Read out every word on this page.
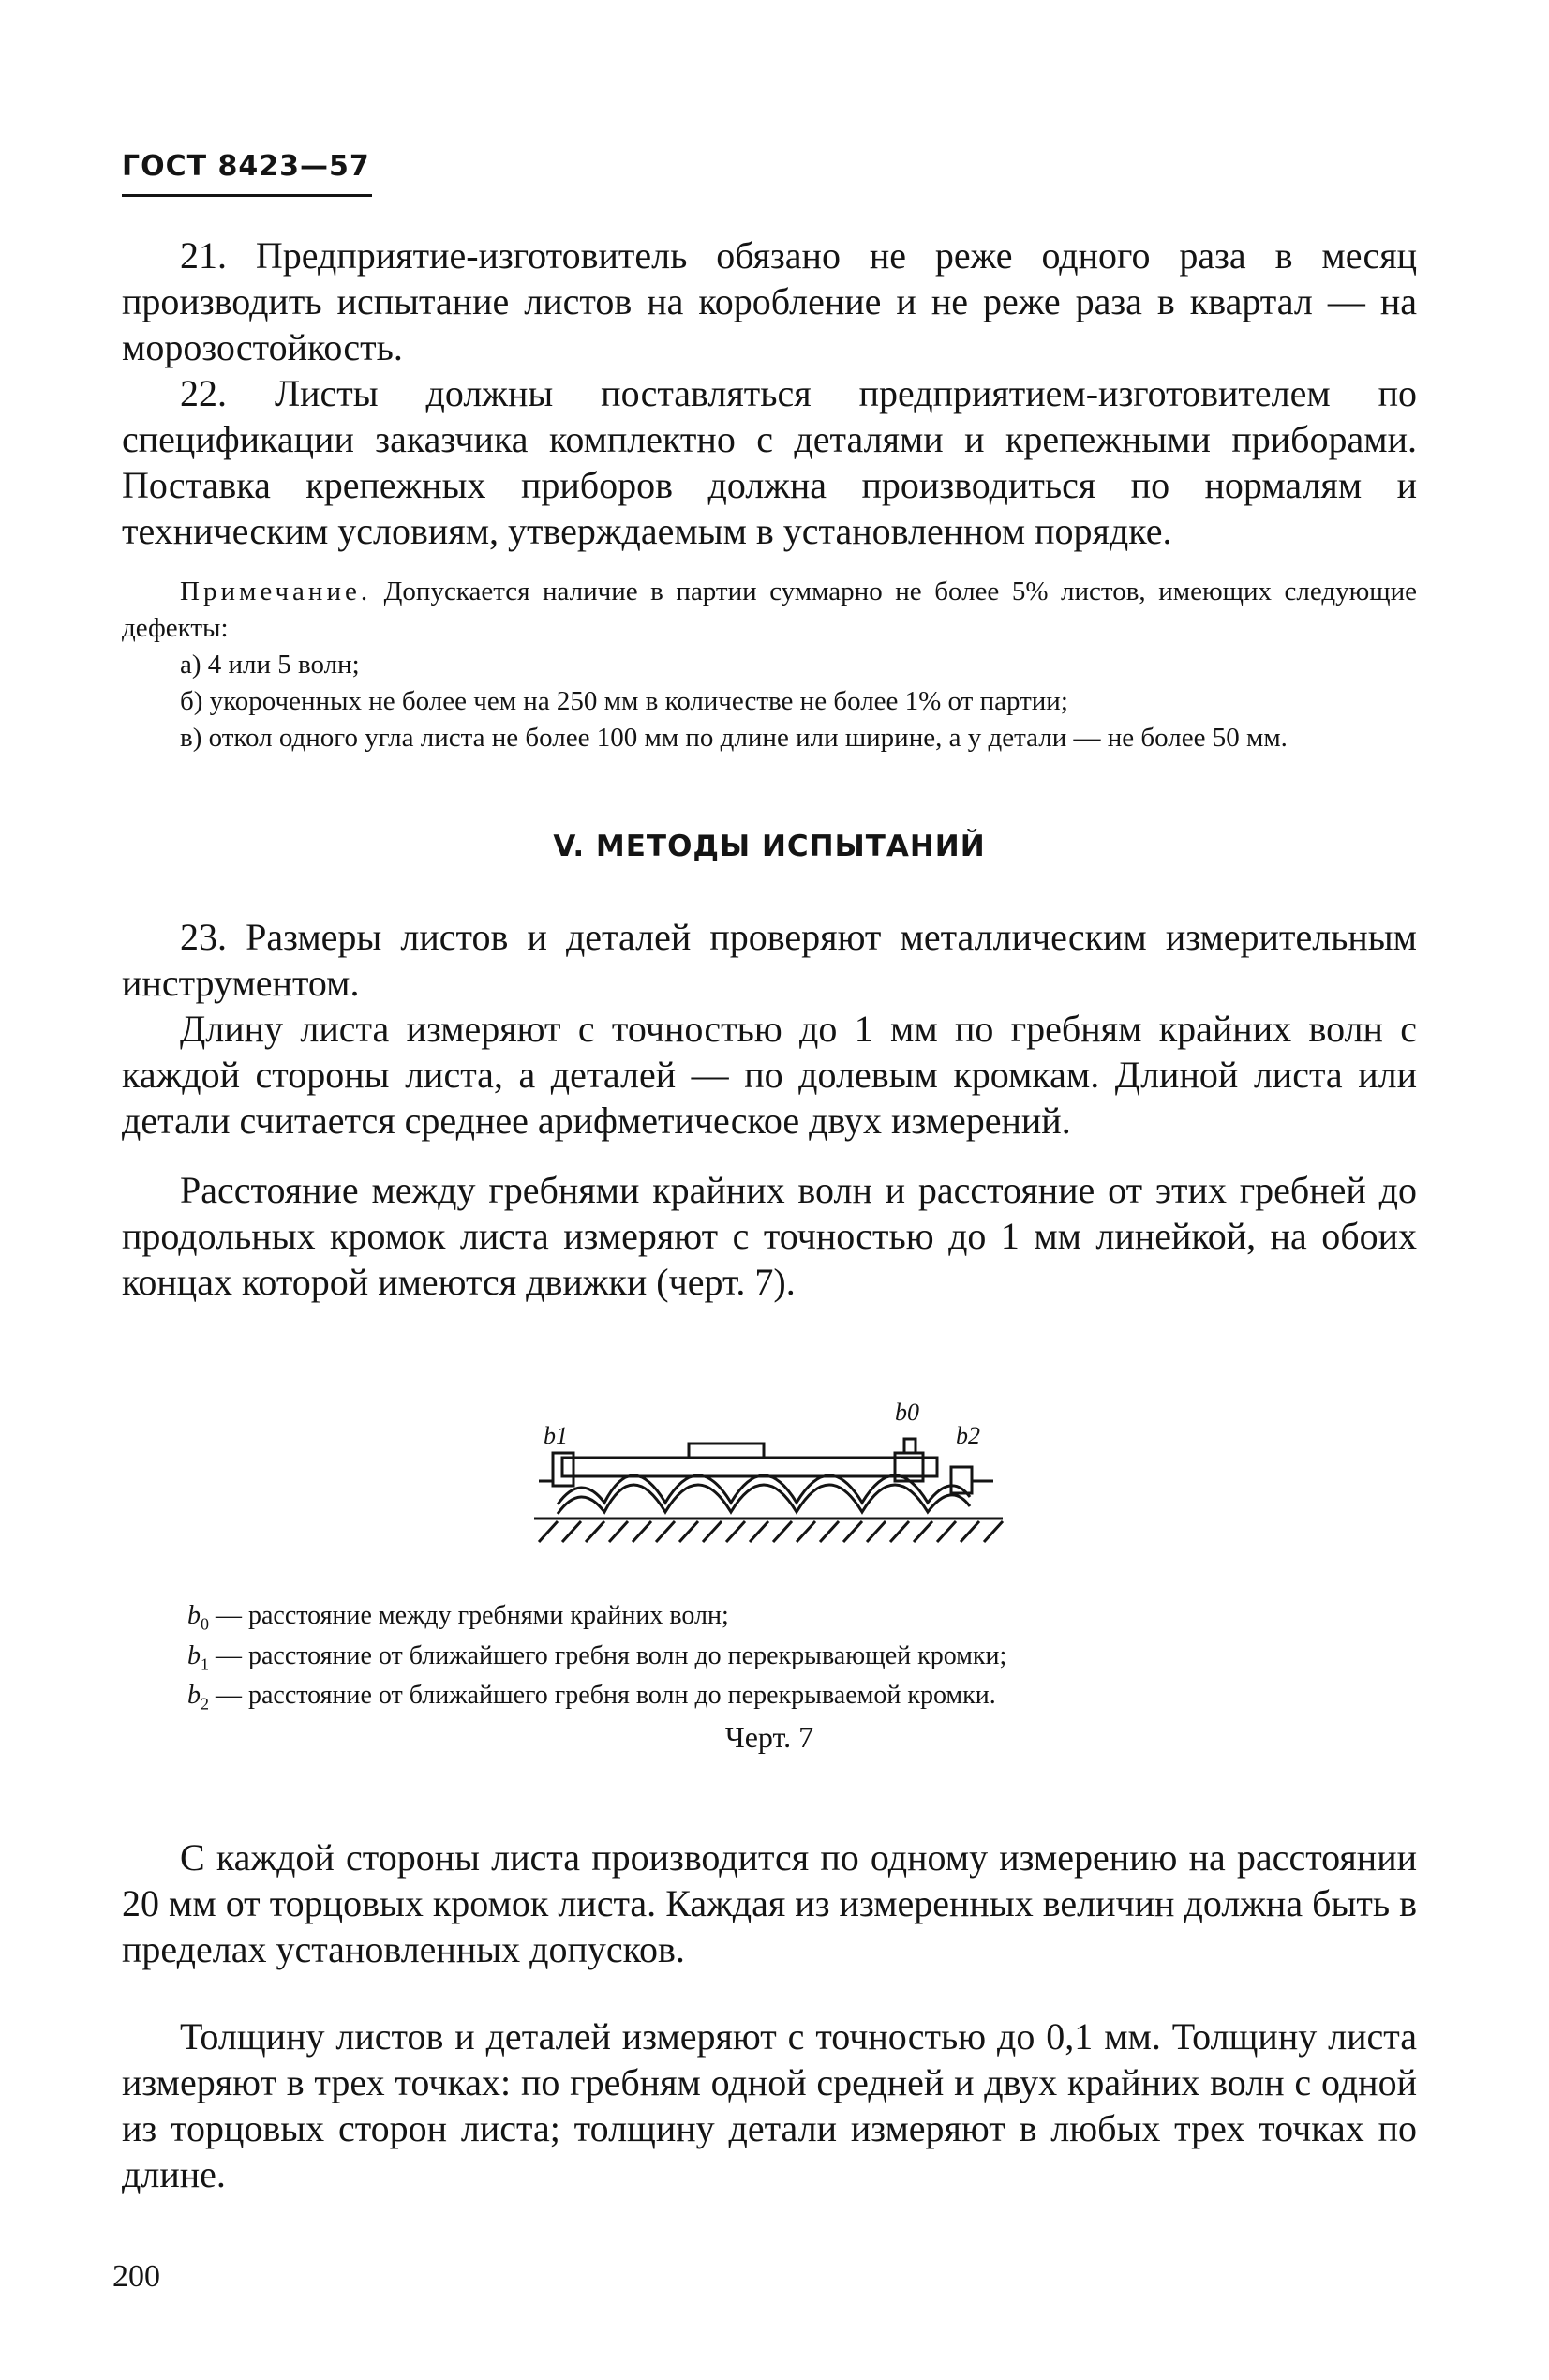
ГОСТ 8423—57

21. Предприятие-изготовитель обязано не реже одного раза в месяц производить испытание листов на коробление и не реже раза в квартал — на морозостойкость.

22. Листы должны поставляться предприятием-изготовителем по спецификации заказчика комплектно с деталями и крепежными приборами. Поставка крепежных приборов должна производиться по нормалям и техническим условиям, утверждаемым в установленном порядке.

Примечание. Допускается наличие в партии суммарно не более 5% листов, имеющих следующие дефекты:

а) 4 или 5 волн;

б) укороченных не более чем на 250 мм в количестве не более 1% от партии;

в) откол одного угла листа не более 100 мм по длине или ширине, а у детали — не более 50 мм.

V. МЕТОДЫ ИСПЫТАНИЙ

23. Размеры листов и деталей проверяют металлическим измерительным инструментом.

Длину листа измеряют с точностью до 1 мм по гребням крайних волн с каждой стороны листа, а деталей — по долевым кромкам. Длиной листа или детали считается среднее арифметическое двух измерений.

Расстояние между гребнями крайних волн и расстояние от этих гребней до продольных кромок листа измеряют с точностью до 1 мм линейкой, на обоих концах которой имеются движки (черт. 7).

b1
b0
b2

$b_0$ — расстояние между гребнями крайних волн;

$b_1$ — расстояние от ближайшего гребня волн до перекрывающей кромки;

$b_2$ — расстояние от ближайшего гребня волн до перекрываемой кромки.

Черт. 7

С каждой стороны листа производится по одному измерению на расстоянии 20 мм от торцовых кромок листа. Каждая из измеренных величин должна быть в пределах установленных допусков.

Толщину листов и деталей измеряют с точностью до 0,1 мм. Толщину листа измеряют в трех точках: по гребням одной средней и двух крайних волн с одной из торцовых сторон листа; толщину детали измеряют в любых трех точках по длине.

200
